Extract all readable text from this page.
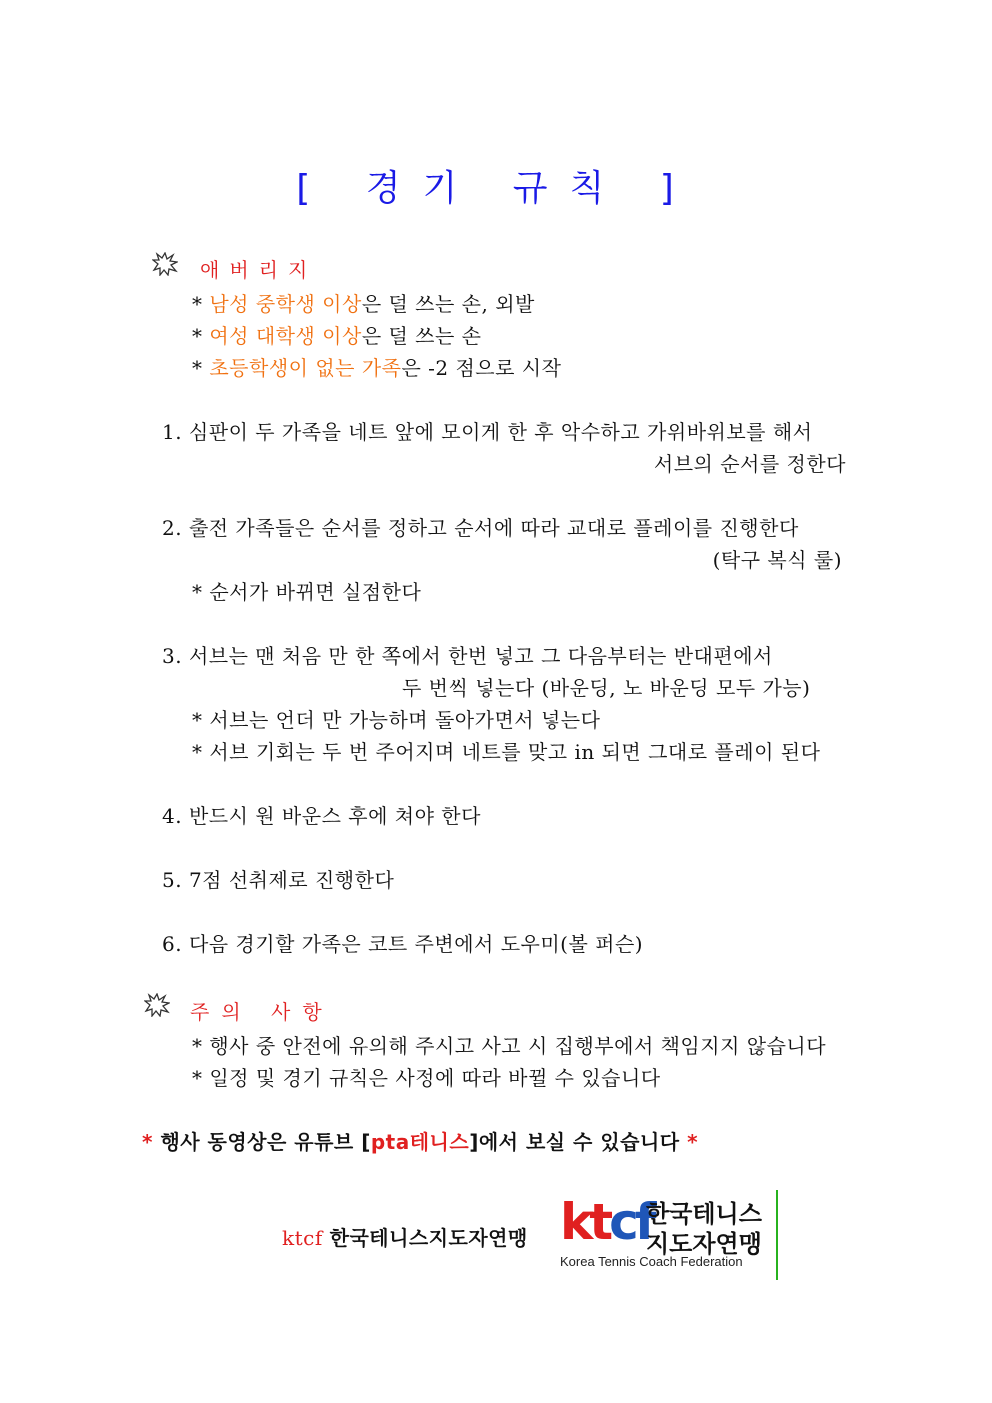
[ 경기 규칙 ]
애버리지
* 남성 중학생 이상은 덜 쓰는 손, 외발
* 여성 대학생 이상은 덜 쓰는 손
* 초등학생이 없는 가족은 -2 점으로 시작
1. 심판이 두 가족을 네트 앞에 모이게 한 후 악수하고 가위바위보를 해서
서브의 순서를 정한다
2. 출전 가족들은 순서를 정하고 순서에 따라 교대로 플레이를 진행한다
(탁구 복식 룰)
* 순서가 바뀌면 실점한다
3. 서브는 맨 처음 만 한 쪽에서 한번 넣고 그 다음부터는 반대편에서
두 번씩 넣는다 (바운딩, 노 바운딩 모두 가능)
* 서브는 언더 만 가능하며 돌아가면서 넣는다
* 서브 기회는 두 번 주어지며 네트를 맞고 in 되면 그대로 플레이 된다
4. 반드시 원 바운스 후에 쳐야 한다
5. 7점 선취제로 진행한다
6. 다음 경기할 가족은 코트 주변에서 도우미(볼 퍼슨)
주의 사항
* 행사 중 안전에 유의해 주시고 사고 시 집행부에서 책임지지 않습니다
* 일정 및 경기 규칙은 사정에 따라 바뀔 수 있습니다
* 행사 동영상은 유튜브 [pta테니스]에서 보실 수 있습니다 *
ktcf 한국테니스지도자연맹 ktcf
한국테니스
지도자연맹
Korea Tennis Coach Federation
